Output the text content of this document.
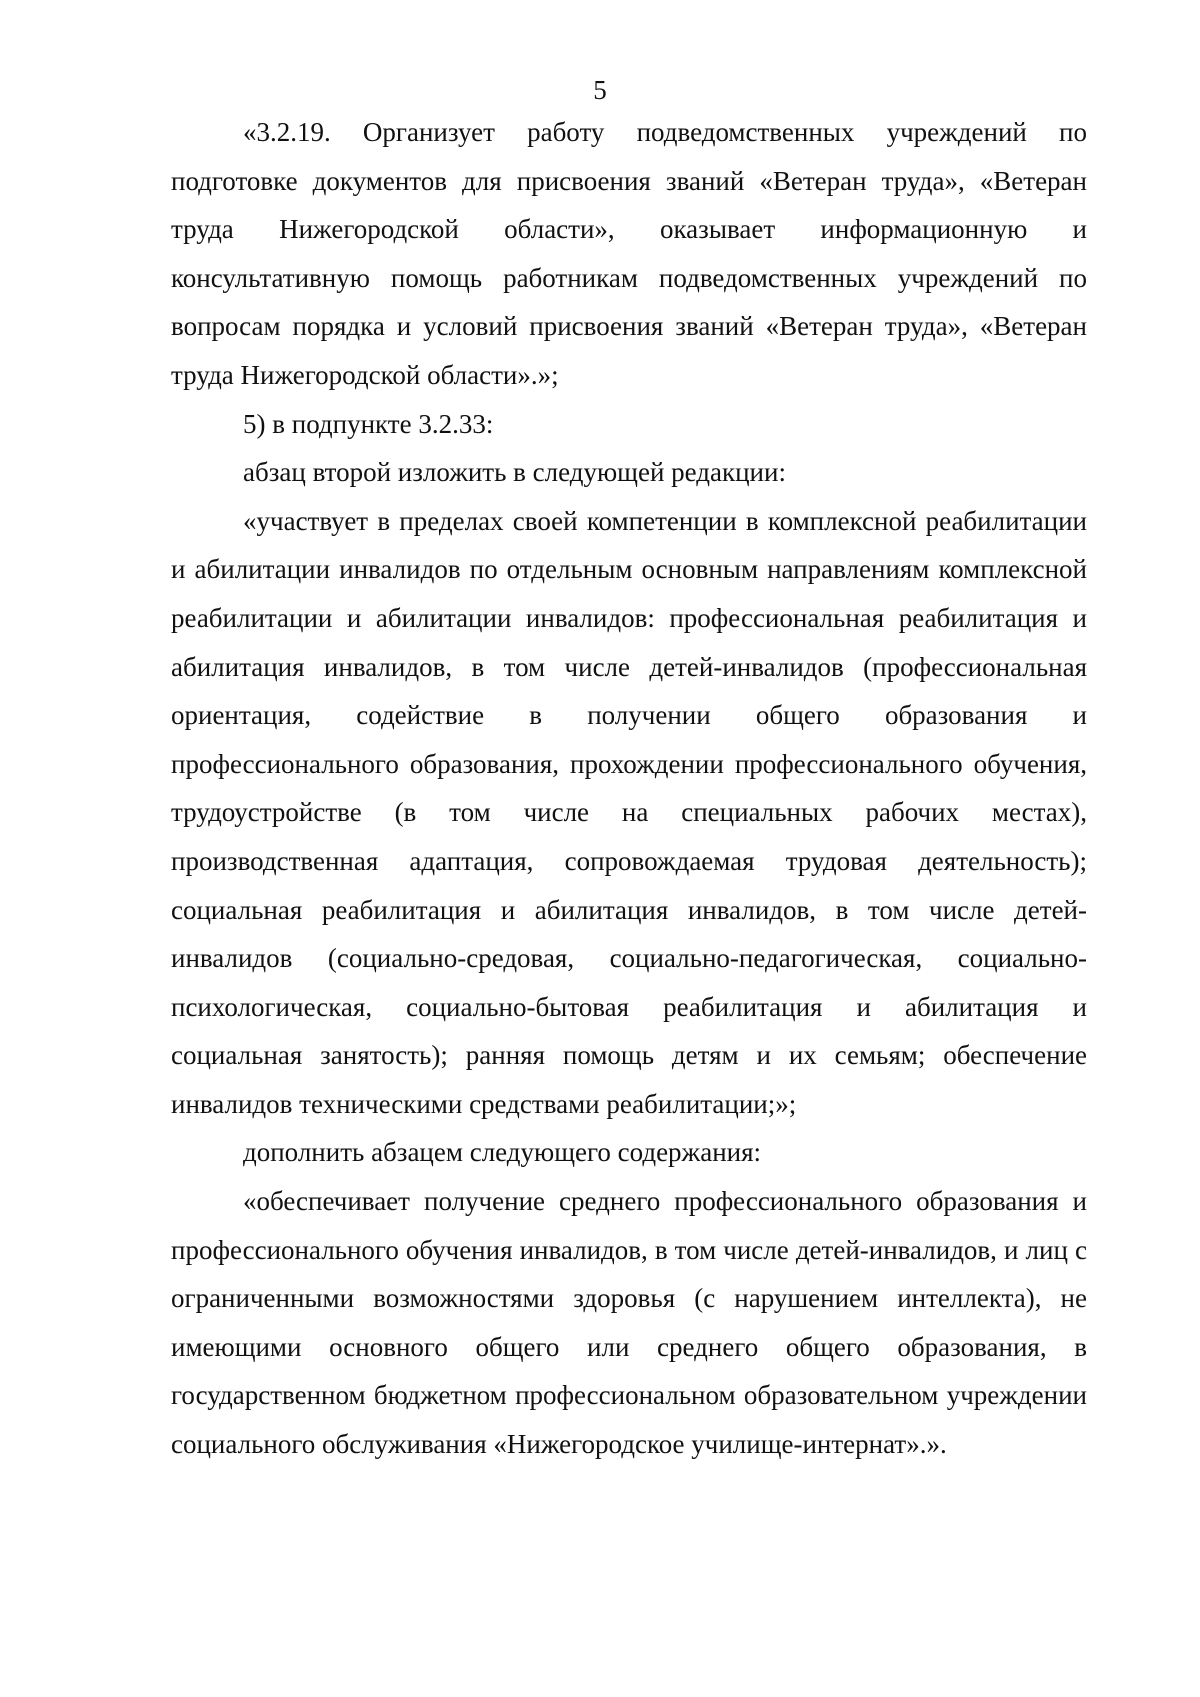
5

«3.2.19. Организует работу подведомственных учреждений по подготовке документов для присвоения званий «Ветеран труда», «Ветеран труда Нижегородской области», оказывает информационную и консультативную помощь работникам подведомственных учреждений по вопросам порядка и условий присвоения званий «Ветеран труда», «Ветеран труда Нижегородской области».»;

5) в подпункте 3.2.33:

абзац второй изложить в следующей редакции:

«участвует в пределах своей компетенции в комплексной реабилитации и абилитации инвалидов по отдельным основным направлениям комплексной реабилитации и абилитации инвалидов: профессиональная реабилитация и абилитация инвалидов, в том числе детей-инвалидов (профессиональная ориентация, содействие в получении общего образования и профессионального образования, прохождении профессионального обучения, трудоустройстве (в том числе на специальных рабочих местах), производственная адаптация, сопровождаемая трудовая деятельность); социальная реабилитация и абилитация инвалидов, в том числе детей-инвалидов (социально-средовая, социально-педагогическая, социально-психологическая, социально-бытовая реабилитация и абилитация и социальная занятость); ранняя помощь детям и их семьям; обеспечение инвалидов техническими средствами реабилитации;»;

дополнить абзацем следующего содержания:

«обеспечивает получение среднего профессионального образования и профессионального обучения инвалидов, в том числе детей-инвалидов, и лиц с ограниченными возможностями здоровья (с нарушением интеллекта), не имеющими основного общего или среднего общего образования, в государственном бюджетном профессиональном образовательном учреждении социального обслуживания «Нижегородское училище-интернат».».
